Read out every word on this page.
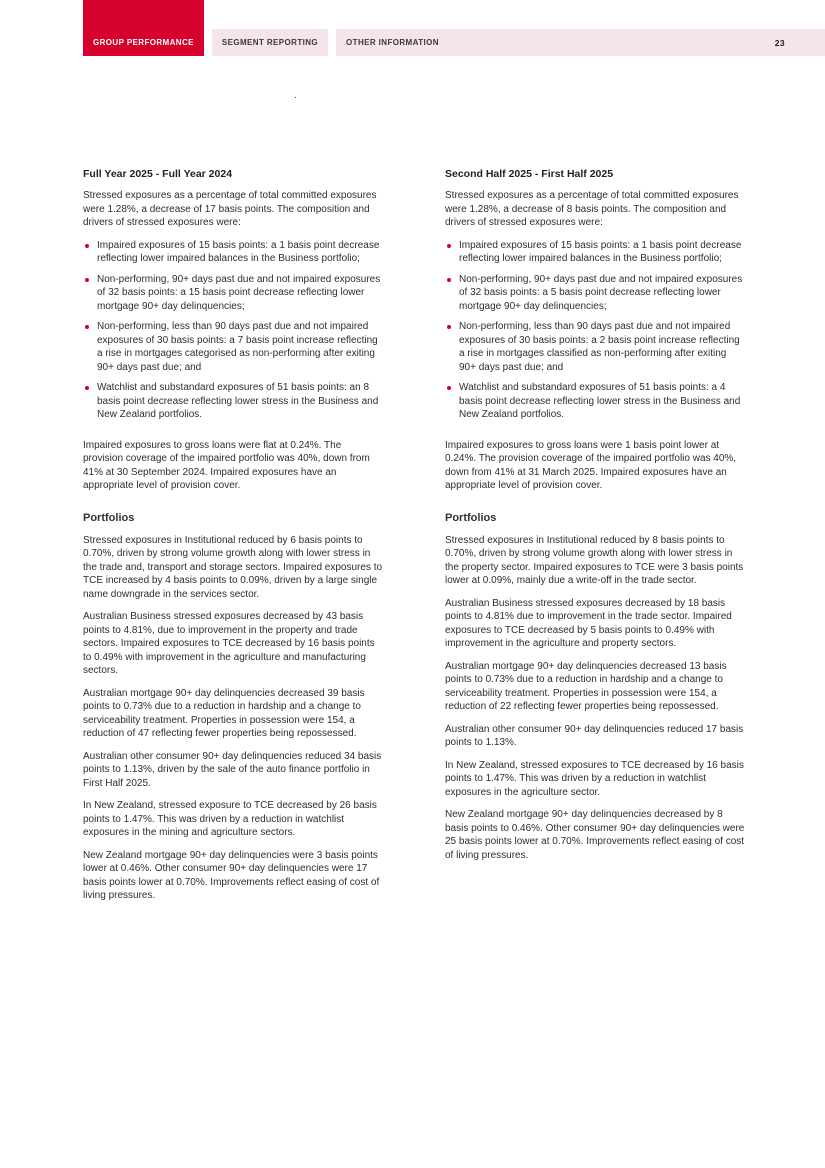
GROUP PERFORMANCE	SEGMENT REPORTING	OTHER INFORMATION	23
.
Full Year 2025 - Full Year 2024

Stressed exposures as a percentage of total committed exposures were 1.28%, a decrease of 17 basis points. The composition and drivers of stressed exposures were:

Impaired exposures of 15 basis points: a 1 basis point decrease reflecting lower impaired balances in the Business portfolio;
Non-performing, 90+ days past due and not impaired exposures of 32 basis points: a 15 basis point decrease reflecting lower mortgage 90+ day delinquencies;
Non-performing, less than 90 days past due and not impaired exposures of 30 basis points: a 7 basis point increase reflecting a rise in mortgages categorised as non-performing after exiting 90+ days past due; and
Watchlist and substandard exposures of 51 basis points: an 8 basis point decrease reflecting lower stress in the Business and New Zealand portfolios.

Impaired exposures to gross loans were flat at 0.24%. The provision coverage of the impaired portfolio was 40%, down from 41% at 30 September 2024. Impaired exposures have an appropriate level of provision cover.

Portfolios

Stressed exposures in Institutional reduced by 6 basis points to 0.70%, driven by strong volume growth along with lower stress in the trade and, transport and storage sectors. Impaired exposures to TCE increased by 4 basis points to 0.09%, driven by a large single name downgrade in the services sector.

Australian Business stressed exposures decreased by 43 basis points to 4.81%, due to improvement in the property and trade sectors. Impaired exposures to TCE decreased by 16 basis points to 0.49% with improvement in the agriculture and manufacturing sectors.

Australian mortgage 90+ day delinquencies decreased 39 basis points to 0.73% due to a reduction in hardship and a change to serviceability treatment. Properties in possession were 154, a reduction of 47 reflecting fewer properties being repossessed.

Australian other consumer 90+ day delinquencies reduced 34 basis points to 1.13%, driven by the sale of the auto finance portfolio in First Half 2025.

In New Zealand, stressed exposure to TCE decreased by 26 basis points to 1.47%. This was driven by a reduction in watchlist exposures in the mining and agriculture sectors.

New Zealand mortgage 90+ day delinquencies were 3 basis points lower at 0.46%. Other consumer 90+ day delinquencies were 17 basis points lower at 0.70%. Improvements reflect easing of cost of living pressures.

Second Half 2025 - First Half 2025

Stressed exposures as a percentage of total committed exposures were 1.28%, a decrease of 8 basis points. The composition and drivers of stressed exposures were:

Impaired exposures of 15 basis points: a 1 basis point decrease reflecting lower impaired balances in the Business portfolio;
Non-performing, 90+ days past due and not impaired exposures of 32 basis points: a 5 basis point decrease reflecting lower mortgage 90+ day delinquencies;
Non-performing, less than 90 days past due and not impaired exposures of 30 basis points: a 2 basis point increase reflecting a rise in mortgages classified as non-performing after exiting 90+ days past due; and
Watchlist and substandard exposures of 51 basis points: a 4 basis point decrease reflecting lower stress in the Business and New Zealand portfolios.

Impaired exposures to gross loans were 1 basis point lower at 0.24%. The provision coverage of the impaired portfolio was 40%, down from 41% at 31 March 2025. Impaired exposures have an appropriate level of provision cover.

Portfolios

Stressed exposures in Institutional reduced by 8 basis points to 0.70%, driven by strong volume growth along with lower stress in the property sector. Impaired exposures to TCE were 3 basis points lower at 0.09%, mainly due a write-off in the trade sector.

Australian Business stressed exposures decreased by 18 basis points to 4.81% due to improvement in the trade sector. Impaired exposures to TCE decreased by 5 basis points to 0.49% with improvement in the agriculture and property sectors.

Australian mortgage 90+ day delinquencies decreased 13 basis points to 0.73% due to a reduction in hardship and a change to serviceability treatment. Properties in possession were 154, a reduction of 22 reflecting fewer properties being repossessed.

Australian other consumer 90+ day delinquencies reduced 17 basis points to 1.13%.

In New Zealand, stressed exposures to TCE decreased by 16 basis points to 1.47%. This was driven by a reduction in watchlist exposures in the agriculture sector.

New Zealand mortgage 90+ day delinquencies decreased by 8 basis points to 0.46%. Other consumer 90+ day delinquencies were 25 basis points lower at 0.70%. Improvements reflect easing of cost of living pressures.
